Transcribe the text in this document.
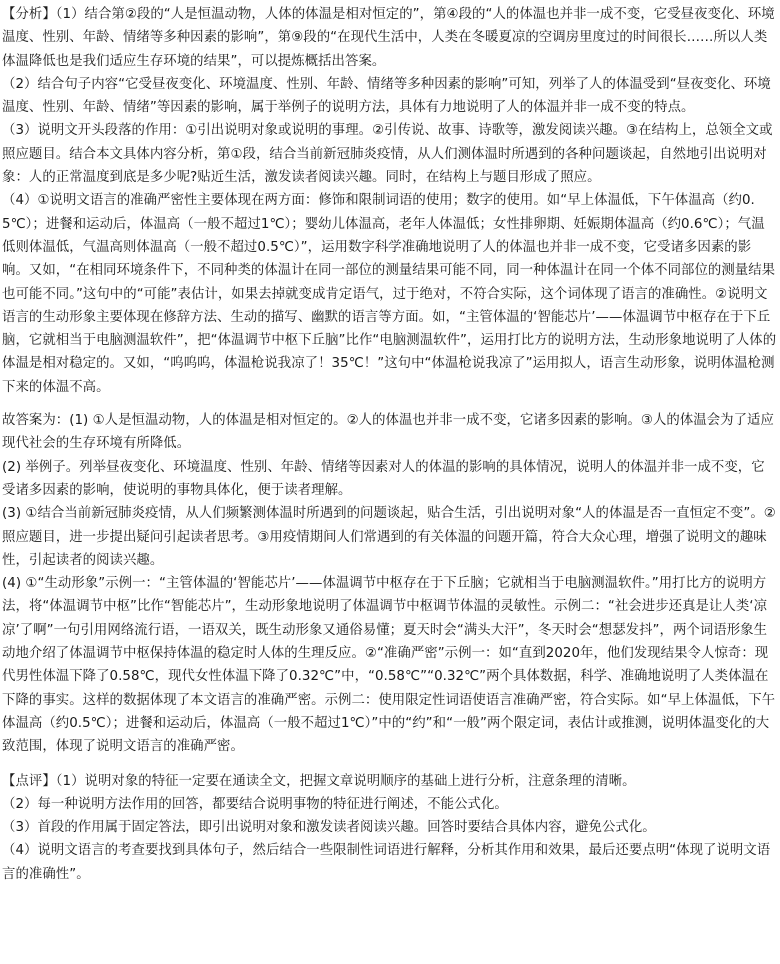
【分析】（1）结合第②段的“人是恒温动物，人体的体温是相对恒定的”，第④段的“人的体温也并非一成不变，它受昼夜变化、环境温度、性别、年龄、情绪等多种因素的影响”，第⑨段的“在现代生活中，人类在冬暖夏凉的空调房里度过的时间很长……所以人类体温降低也是我们适应生存环境的结果”，可以提炼概括出答案。

（2）结合句子内容“它受昼夜变化、环境温度、性别、年龄、情绪等多种因素的影响”可知，列举了人的体温受到“昼夜变化、环境温度、性别、年龄、情绪”等因素的影响，属于举例子的说明方法，具体有力地说明了人的体温并非一成不变的特点。

（3）说明文开头段落的作用：①引出说明对象或说明的事理。②引传说、故事、诗歌等，激发阅读兴趣。③在结构上，总领全文或照应题目。结合本文具体内容分析，第①段，结合当前新冠肺炎疫情，从人们测体温时所遇到的各种问题谈起，自然地引出说明对象：人的正常温度到底是多少呢?贴近生活，激发读者阅读兴趣。同时，在结构上与题目形成了照应。

（4）①说明文语言的准确严密性主要体现在两方面：修饰和限制词语的使用；数字的使用。如“早上体温低，下午体温高（约0.5℃）；进餐和运动后，体温高（一般不超过1℃）；婴幼儿体温高，老年人体温低；女性排卵期、妊娠期体温高（约0.6℃）；气温低则体温低，气温高则体温高（一般不超过0.5℃）”，运用数字科学准确地说明了人的体温也并非一成不变，它受诸多因素的影响。又如，“在相同环境条件下，不同种类的体温计在同一部位的测量结果可能不同，同一种体温计在同一个体不同部位的测量结果也可能不同。”这句中的“可能”表估计，如果去掉就变成肯定语气，过于绝对，不符合实际，这个词体现了语言的准确性。②说明文语言的生动形象主要体现在修辞方法、生动的描写、幽默的语言等方面。如，“主管体温的‘智能芯片’——体温调节中枢存在于下丘脑，它就相当于电脑测温软件”，把“体温调节中枢下丘脑”比作“电脑测温软件”，运用打比方的说明方法，生动形象地说明了人体的体温是相对稳定的。又如，“呜呜呜，体温枪说我凉了！35℃！”这句中“体温枪说我凉了”运用拟人，语言生动形象，说明体温枪测下来的体温不高。

故答案为：(1) ①人是恒温动物，人的体温是相对恒定的。②人的体温也并非一成不变，它诸多因素的影响。③人的体温会为了适应现代社会的生存环境有所降低。

(2) 举例子。列举昼夜变化、环境温度、性别、年龄、情绪等因素对人的体温的影响的具体情况，说明人的体温并非一成不变，它受诸多因素的影响，使说明的事物具体化，便于读者理解。

(3) ①结合当前新冠肺炎疫情，从人们频繁测体温时所遇到的问题谈起，贴合生活，引出说明对象“人的体温是否一直恒定不变”。②照应题目，进一步提出疑问引起读者思考。③用疫情期间人们常遇到的有关体温的问题开篇，符合大众心理，增强了说明文的趣味性，引起读者的阅读兴趣。

(4) ①“生动形象”示例一：“主管体温的‘智能芯片’——体温调节中枢存在于下丘脑；它就相当于电脑测温软件。”用打比方的说明方法，将“体温调节中枢”比作“智能芯片”，生动形象地说明了体温调节中枢调节体温的灵敏性。示例二：“社会进步还真是让人类‘凉凉’了啊”一句引用网络流行语，一语双关，既生动形象又通俗易懂；夏天时会“满头大汗”，冬天时会“想瑟发抖”，两个词语形象生动地介绍了体温调节中枢保持体温的稳定时人体的生理反应。②“准确严密”示例一：如“直到2020年，他们发现结果令人惊奇：现代男性体温下降了0.58℃，现代女性体温下降了0.32℃”中，“0.58℃”“0.32℃”两个具体数据，科学、准确地说明了人类体温在下降的事实。这样的数据体现了本文语言的准确严密。示例二：使用限定性词语使语言准确严密，符合实际。如“早上体温低，下午体温高（约0.5℃）；进餐和运动后，体温高（一般不超过1℃）”中的“约”和“一般”两个限定词，表估计或推测，说明体温变化的大致范围，体现了说明文语言的准确严密。

【点评】（1）说明对象的特征一定要在通读全文，把握文章说明顺序的基础上进行分析，注意条理的清晰。

（2）每一种说明方法作用的回答，都要结合说明事物的特征进行阐述，不能公式化。

（3）首段的作用属于固定答法，即引出说明对象和激发读者阅读兴趣。回答时要结合具体内容，避免公式化。

（4）说明文语言的考查要找到具体句子，然后结合一些限制性词语进行解释，分析其作用和效果，最后还要点明“体现了说明文语言的准确性”。
